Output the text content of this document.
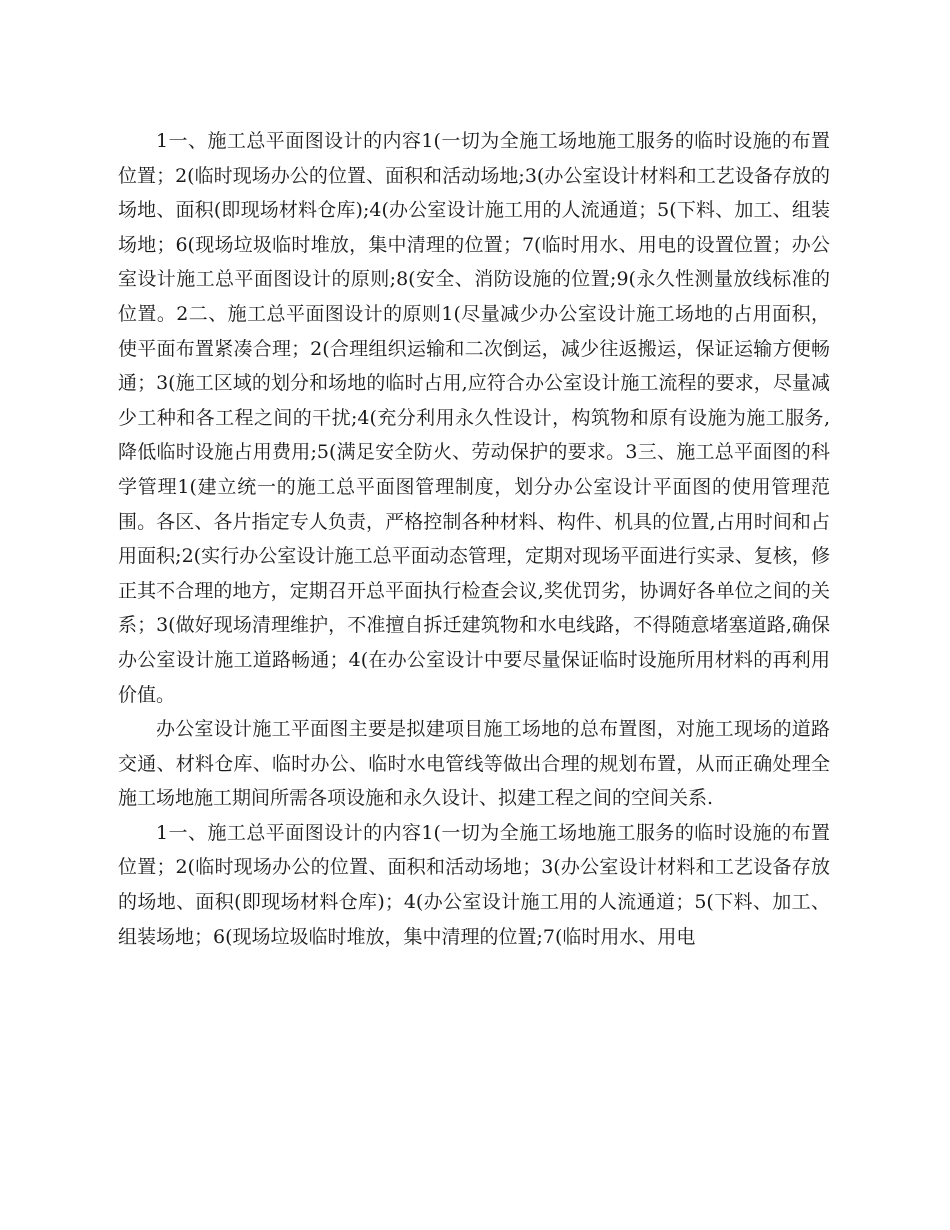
1一、施工总平面图设计的内容1(一切为全施工场地施工服务的临时设施的布置位置；2(临时现场办公的位置、面积和活动场地;3(办公室设计材料和工艺设备存放的场地、面积(即现场材料仓库);4(办公室设计施工用的人流通道；5(下料、加工、组装场地；6(现场垃圾临时堆放，集中清理的位置；7(临时用水、用电的设置位置；办公室设计施工总平面图设计的原则;8(安全、消防设施的位置;9(永久性测量放线标准的位置。2二、施工总平面图设计的原则1(尽量减少办公室设计施工场地的占用面积，使平面布置紧凑合理；2(合理组织运输和二次倒运，减少往返搬运，保证运输方便畅通；3(施工区域的划分和场地的临时占用,应符合办公室设计施工流程的要求，尽量减少工种和各工程之间的干扰;4(充分利用永久性设计，构筑物和原有设施为施工服务,降低临时设施占用费用;5(满足安全防火、劳动保护的要求。3三、施工总平面图的科学管理1(建立统一的施工总平面图管理制度，划分办公室设计平面图的使用管理范围。各区、各片指定专人负责，严格控制各种材料、构件、机具的位置,占用时间和占用面积;2(实行办公室设计施工总平面动态管理，定期对现场平面进行实录、复核，修正其不合理的地方，定期召开总平面执行检查会议,奖优罚劣，协调好各单位之间的关系；3(做好现场清理维护，不准擅自拆迁建筑物和水电线路，不得随意堵塞道路,确保办公室设计施工道路畅通；4(在办公室设计中要尽量保证临时设施所用材料的再利用价值。

办公室设计施工平面图主要是拟建项目施工场地的总布置图，对施工现场的道路交通、材料仓库、临时办公、临时水电管线等做出合理的规划布置，从而正确处理全施工场地施工期间所需各项设施和永久设计、拟建工程之间的空间关系.

1一、施工总平面图设计的内容1(一切为全施工场地施工服务的临时设施的布置位置；2(临时现场办公的位置、面积和活动场地；3(办公室设计材料和工艺设备存放的场地、面积(即现场材料仓库)；4(办公室设计施工用的人流通道；5(下料、加工、组装场地；6(现场垃圾临时堆放，集中清理的位置;7(临时用水、用电
